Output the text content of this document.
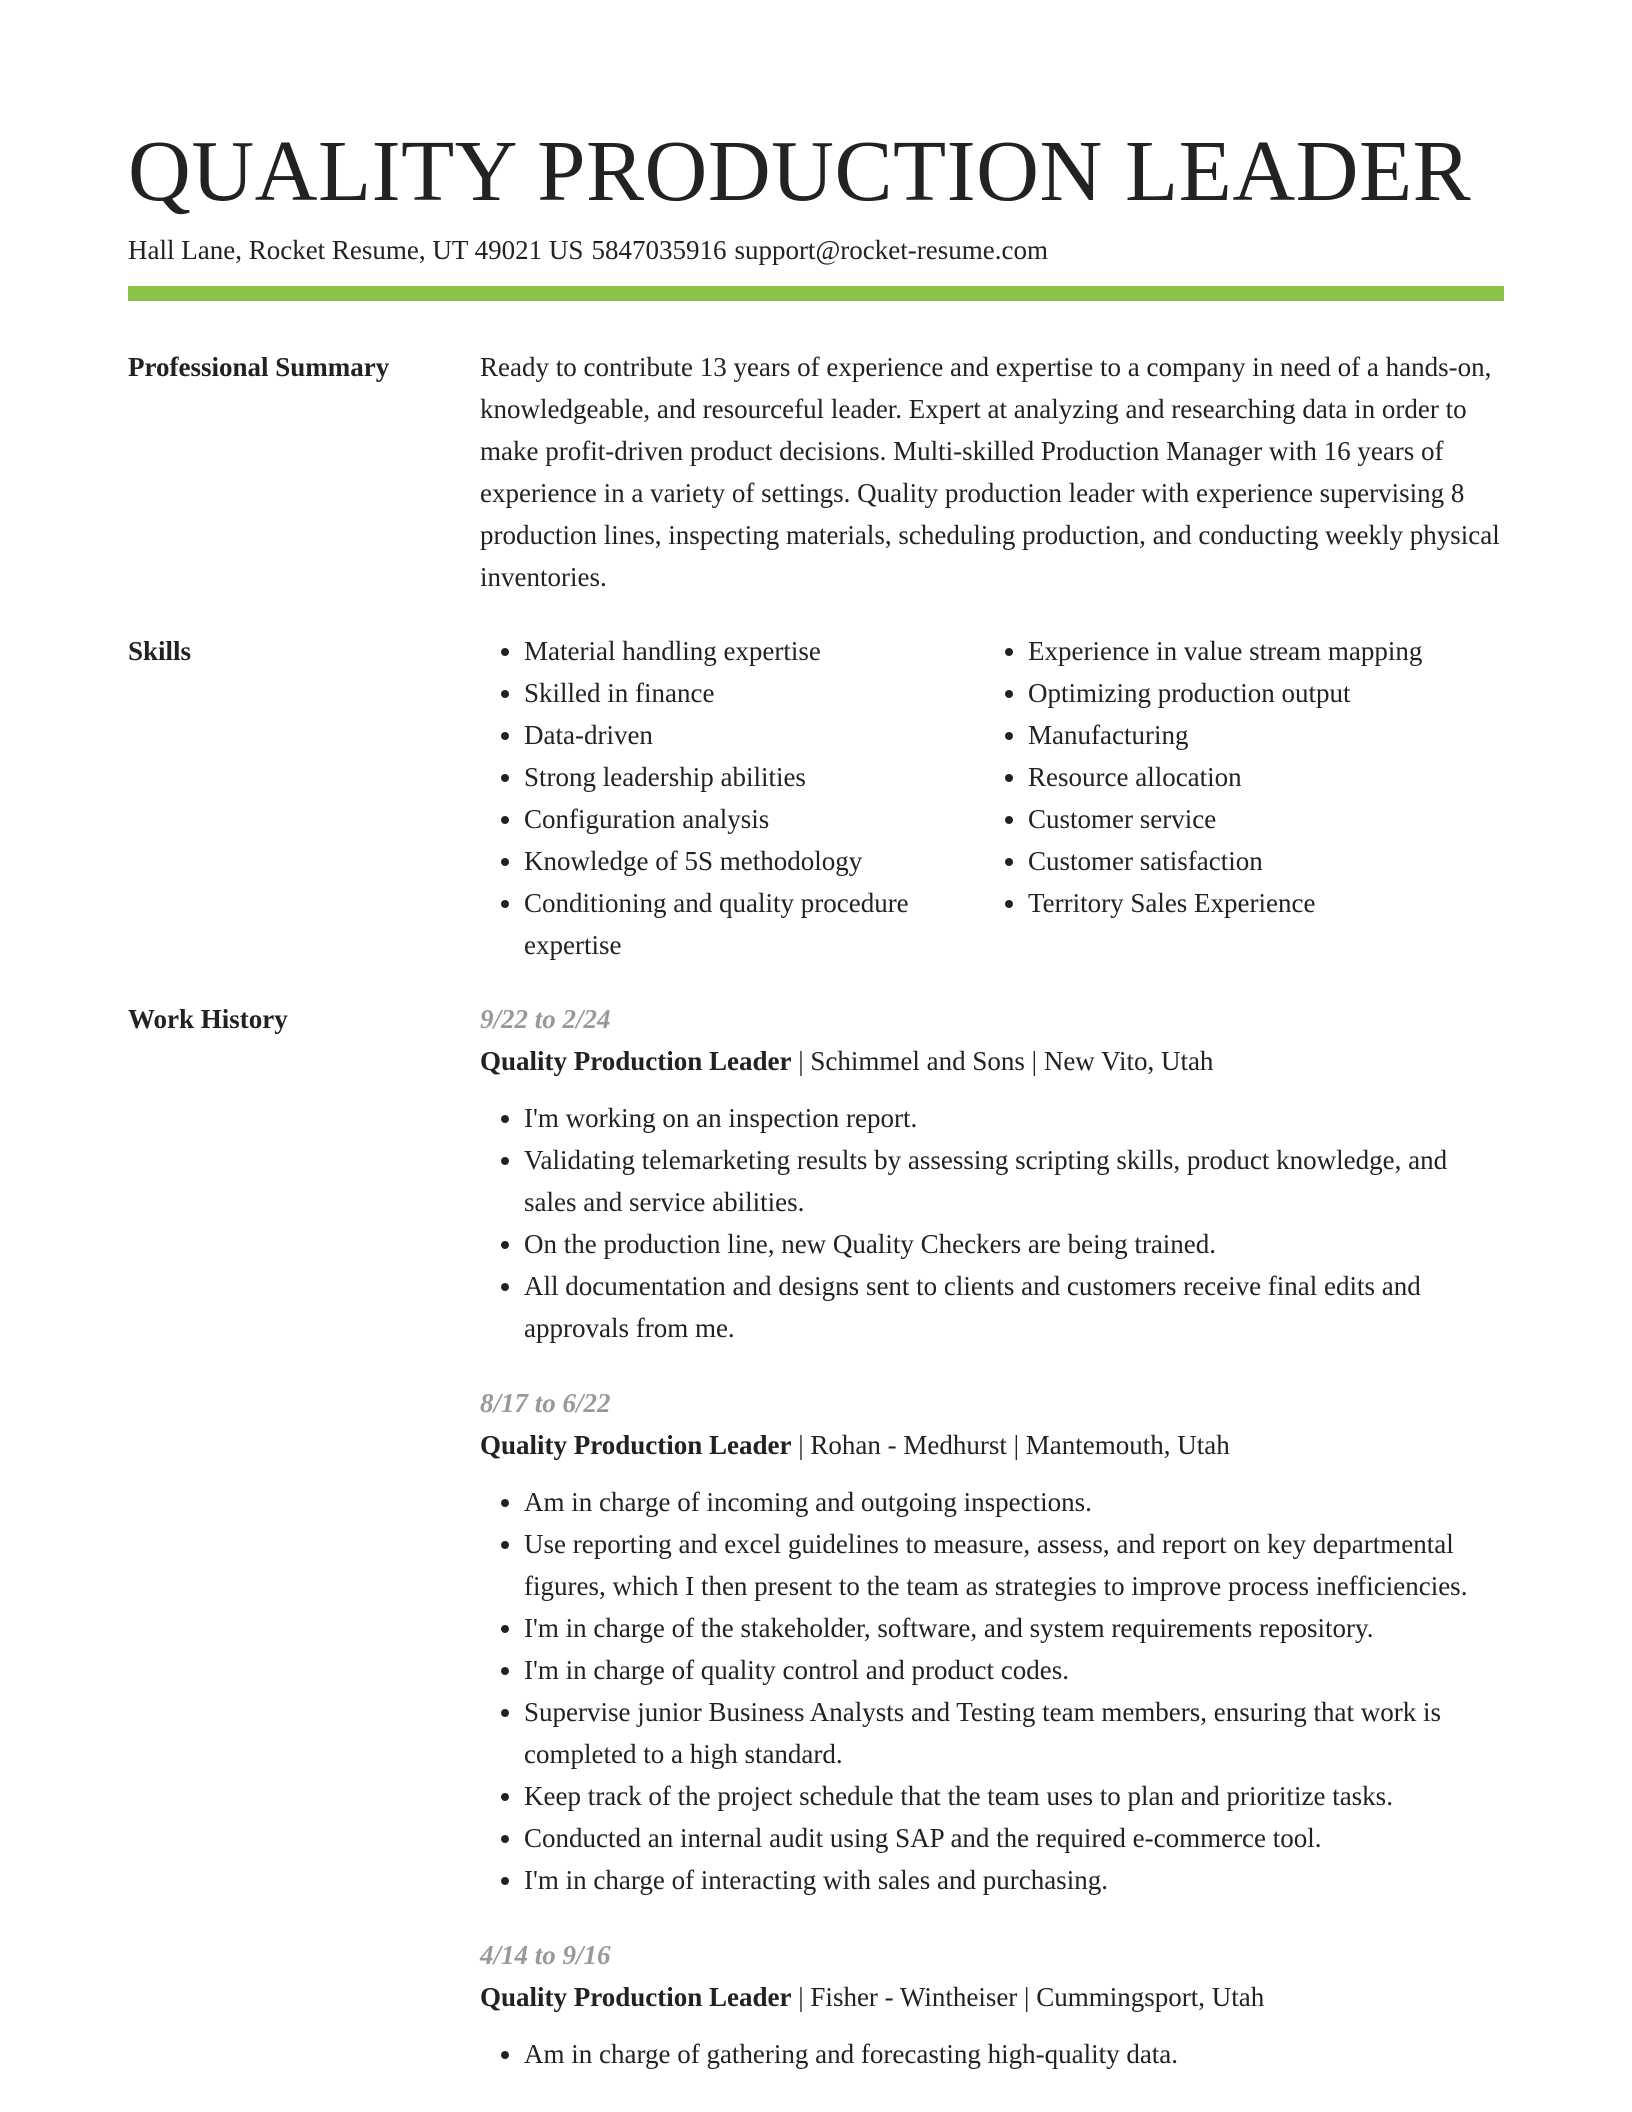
QUALITY PRODUCTION LEADER
Hall Lane, Rocket Resume, UT 49021 US 5847035916 support@rocket-resume.com
Professional Summary	Ready to contribute 13 years of experience and expertise to a company in need of a hands-on, knowledgeable, and resourceful leader. Expert at analyzing and researching data in order to make profit-driven product decisions. Multi-skilled Production Manager with 16 years of experience in a variety of settings. Quality production leader with experience supervising 8 production lines, inspecting materials, scheduling production, and conducting weekly physical inventories.

Skills
•	Material handling expertise
• Skilled in finance
• Data-driven
• Strong leadership abilities
• Configuration analysis
• Knowledge of 5S methodology
• Conditioning and quality procedure expertise
• Experience in value stream mapping
• Optimizing production output
• Manufacturing
• Resource allocation
• Customer service
• Customer satisfaction
• Territory Sales Experience
Work History	9/22 to 2/24
Quality Production Leader | Schimmel and Sons | New Vito, Utah
• I'm working on an inspection report.
• Validating telemarketing results by assessing scripting skills, product knowledge, and sales and service abilities.
• On the production line, new Quality Checkers are being trained.
• All documentation and designs sent to clients and customers receive final edits and approvals from me.
8/17 to 6/22
Quality Production Leader | Rohan - Medhurst | Mantemouth, Utah
• Am in charge of incoming and outgoing inspections.
• Use reporting and excel guidelines to measure, assess, and report on key departmental figures, which I then present to the team as strategies to improve process inefficiencies.
• I'm in charge of the stakeholder, software, and system requirements repository.
• I'm in charge of quality control and product codes.
• Supervise junior Business Analysts and Testing team members, ensuring that work is completed to a high standard.
• Keep track of the project schedule that the team uses to plan and prioritize tasks.
• Conducted an internal audit using SAP and the required e-commerce tool.
• I'm in charge of interacting with sales and purchasing.
4/14 to 9/16
Quality Production Leader | Fisher - Wintheiser | Cummingsport, Utah
• Am in charge of gathering and forecasting high-quality data.
